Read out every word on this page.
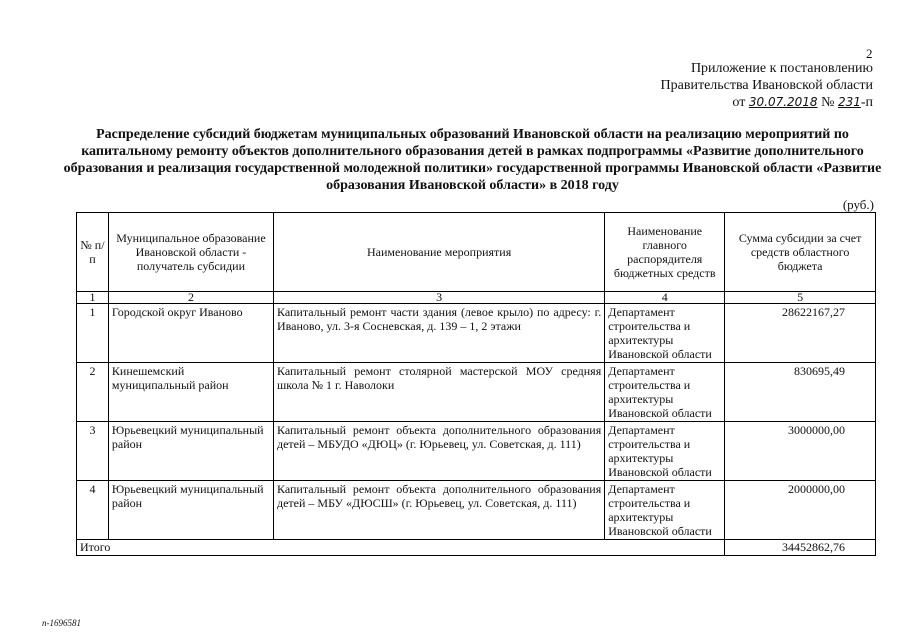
2
Приложение к постановлению
Правительства Ивановской области
от 30.07.2018 № 231-п
Распределение субсидий бюджетам муниципальных образований Ивановской области на реализацию мероприятий по капитальному ремонту объектов дополнительного образования детей в рамках подпрограммы «Развитие дополнительного образования и реализация государственной молодежной политики» государственной программы Ивановской области «Развитие образования Ивановской области» в 2018 году
(руб.)
№ п/п	Муниципальное образование Ивановской области - получатель субсидии	Наименование мероприятия	Наименование главного распорядителя бюджетных средств	Сумма субсидии за счет средств областного бюджета
1	2	3	4	5
1	Городской округ Иваново	Капитальный ремонт части здания (левое крыло) по адресу: г. Иваново, ул. 3-я Сосневская, д. 139 – 1, 2 этажи	Департамент строительства и архитектуры Ивановской области	28622167,27
2	Кинешемский муниципальный район	Капитальный ремонт столярной мастерской МОУ средняя школа № 1 г. Наволоки	Департамент строительства и архитектуры Ивановской области	830695,49
3	Юрьевецкий муниципальный район	Капитальный ремонт объекта дополнительного образования детей – МБУДО «ДЮЦ» (г. Юрьевец, ул. Советская, д. 111)	Департамент строительства и архитектуры Ивановской области	3000000,00
4	Юрьевецкий муниципальный район	Капитальный ремонт объекта дополнительного образования детей – МБУ «ДЮСШ» (г. Юрьевец, ул. Советская, д. 111)	Департамент строительства и архитектуры Ивановской области	2000000,00
Итого				34452862,76
п-1696581
